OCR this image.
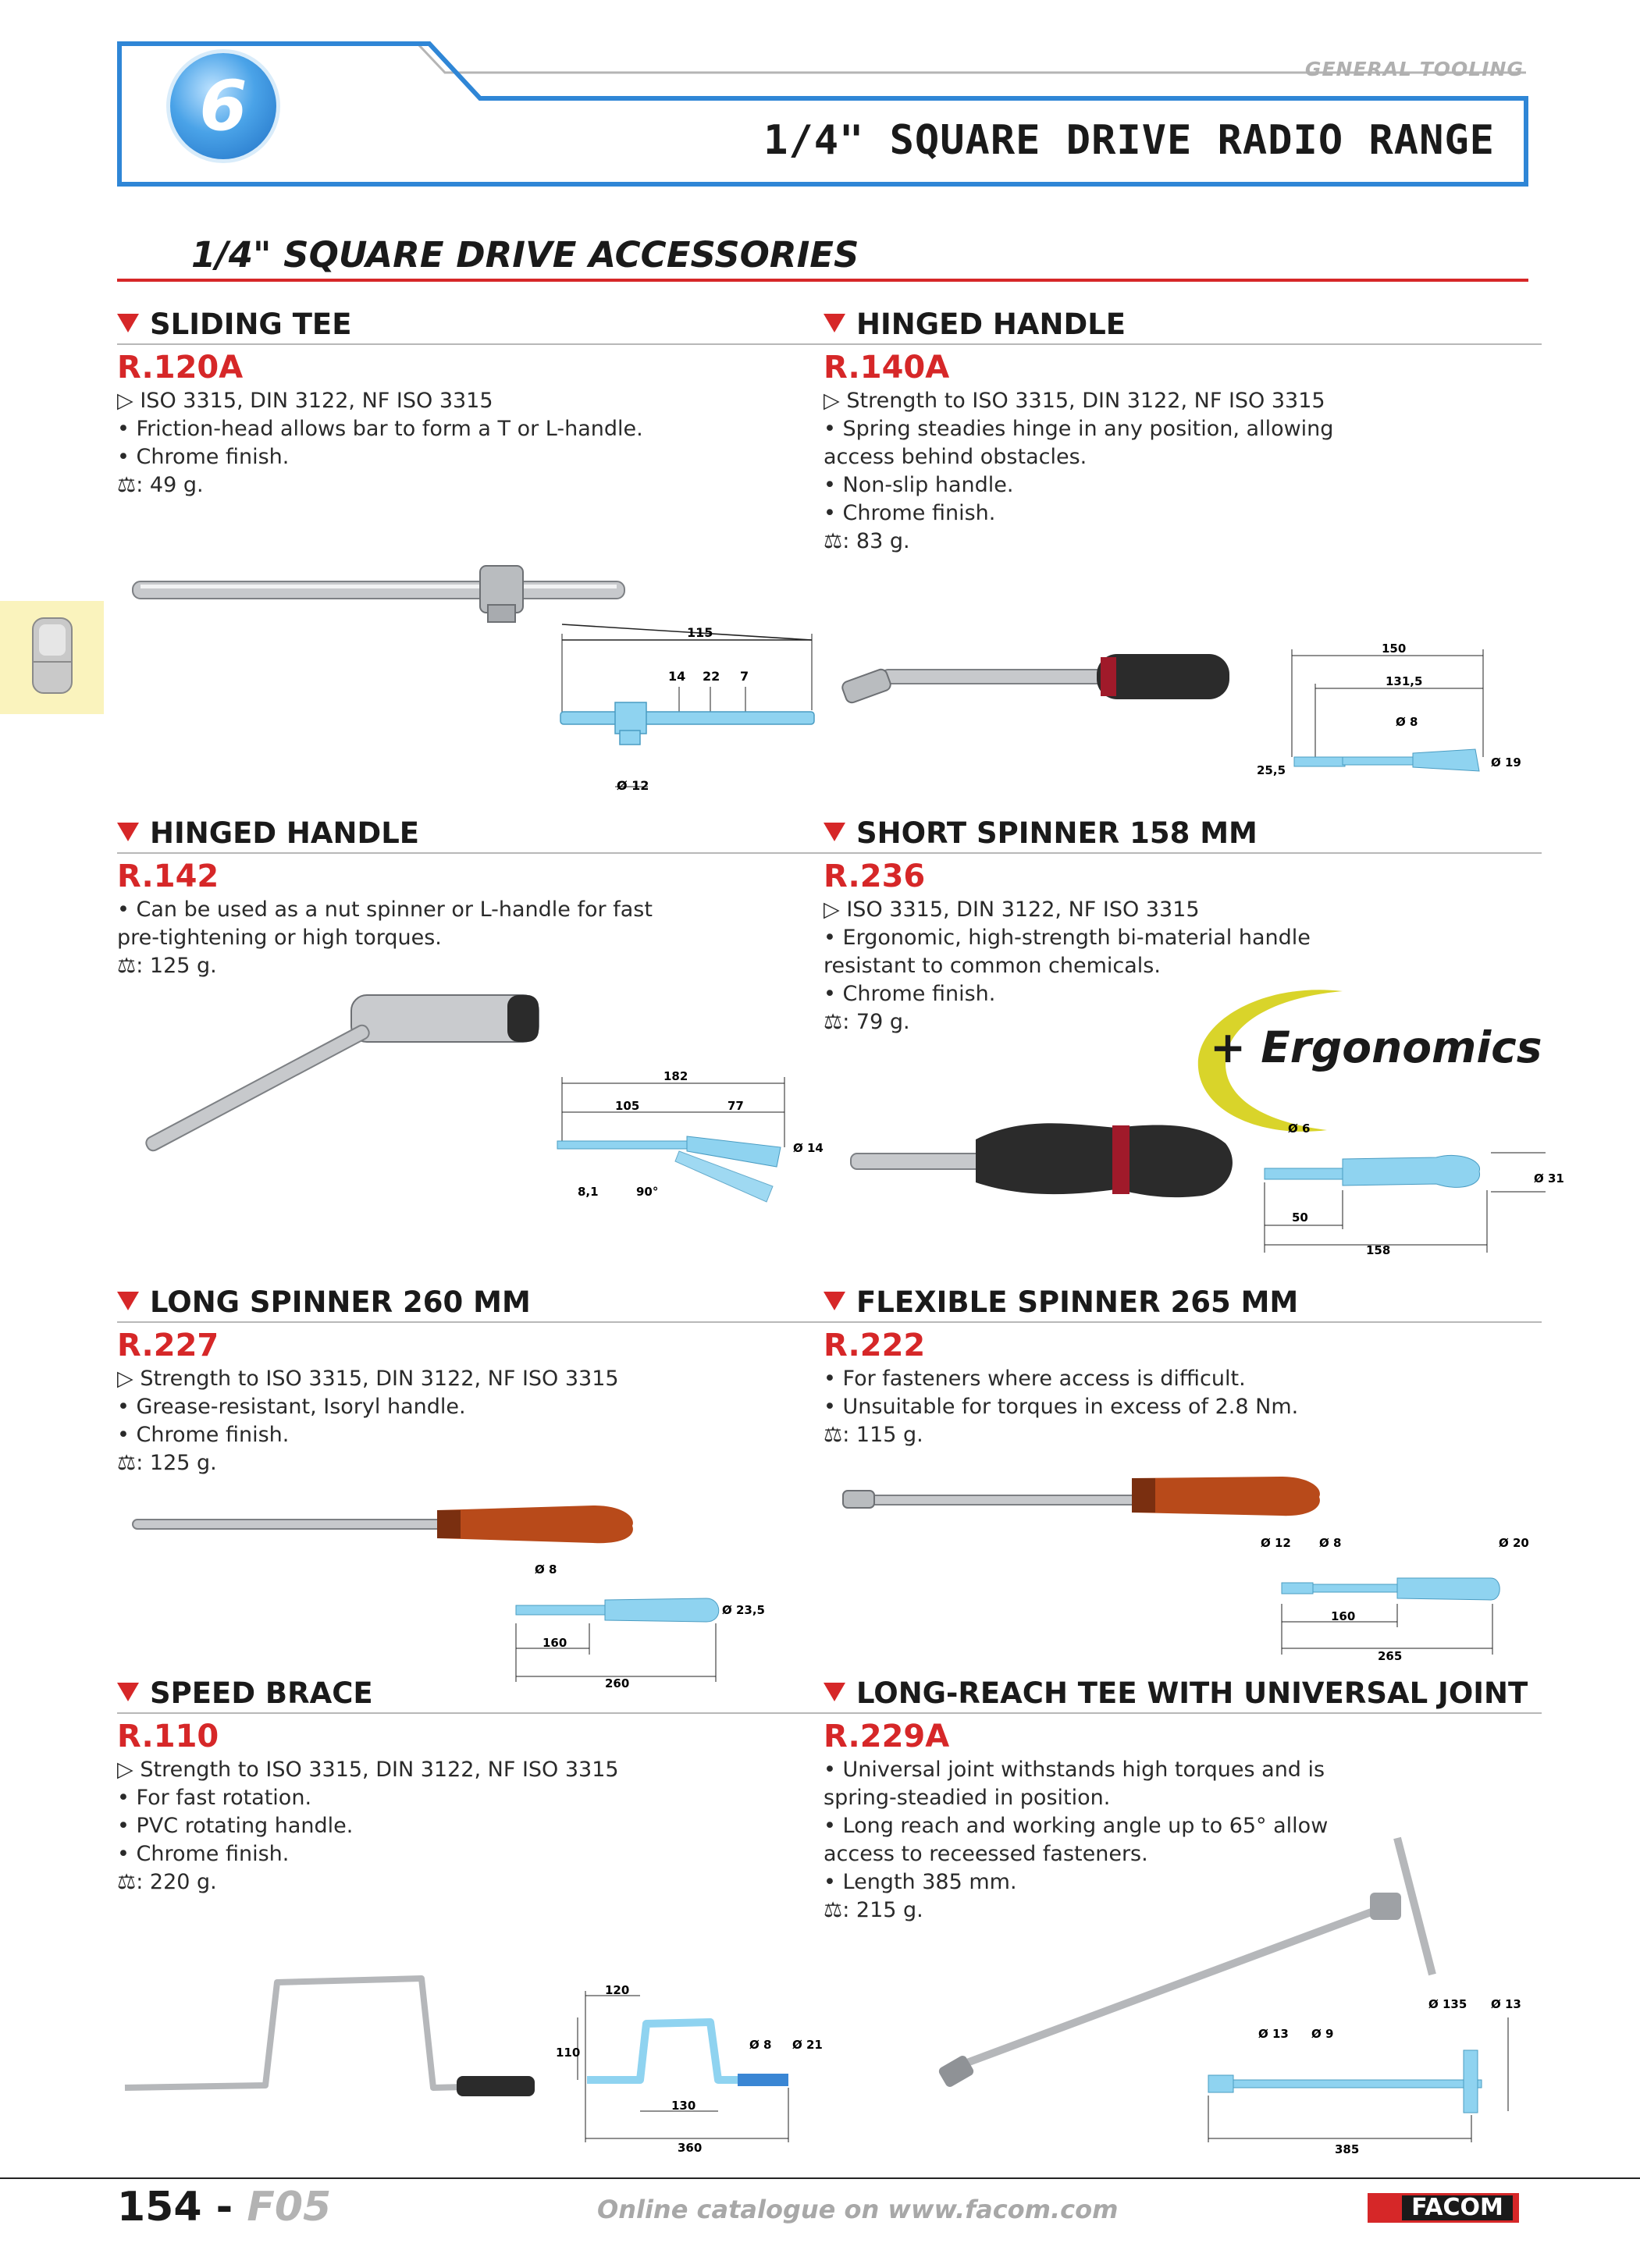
6	GENERAL TOOLING
1/4" SQUARE DRIVE RADIO RANGE
1/4" SQUARE DRIVE ACCESSORIES
SLIDING TEE
R.120A
▷ ISO 3315, DIN 3122, NF ISO 3315
• Friction-head allows bar to form a T or L-handle.
• Chrome finish.
⚖: 49 g.
115
14 22 7
Ø 12
HINGED HANDLE
R.140A
▷ Strength to ISO 3315, DIN 3122, NF ISO 3315
• Spring steadies hinge in any position, allowing
access behind obstacles.
• Non-slip handle.
• Chrome finish.
⚖: 83 g.
150
131,5
Ø 8
25,5
Ø 19
HINGED HANDLE
R.142
• Can be used as a nut spinner or L-handle for fast
pre-tightening or high torques.
⚖: 125 g.
182
105	77
Ø 14
8,1	90°
SHORT SPINNER 158 MM
R.236
▷ ISO 3315, DIN 3122, NF ISO 3315
• Ergonomic, high-strength bi-material handle
resistant to common chemicals.
• Chrome finish.
⚖: 79 g.
+ Ergonomics
Ø 6
Ø 31
50
158
LONG SPINNER 260 MM
R.227
▷ Strength to ISO 3315, DIN 3122, NF ISO 3315
• Grease-resistant, Isoryl handle.
• Chrome finish.
⚖: 125 g.
Ø 8
Ø 23,5
160
260
FLEXIBLE SPINNER 265 MM
R.222
• For fasteners where access is difficult.
• Unsuitable for torques in excess of 2.8 Nm.
⚖: 115 g.
Ø 12 Ø 8	Ø 20
160
265
SPEED BRACE
R.110
▷ Strength to ISO 3315, DIN 3122, NF ISO 3315
• For fast rotation.
• PVC rotating handle.
• Chrome finish.
⚖: 220 g.
120
110
Ø 8 Ø 21
130
360
LONG-REACH TEE WITH UNIVERSAL JOINT
R.229A
• Universal joint withstands high torques and is
spring-steadied in position.
• Long reach and working angle up to 65° allow
access to receessed fasteners.
• Length 385 mm.
⚖: 215 g.
Ø 135 Ø 13
Ø 13 Ø 9
385
154 - F05	Online catalogue on www.facom.com	FACOM
